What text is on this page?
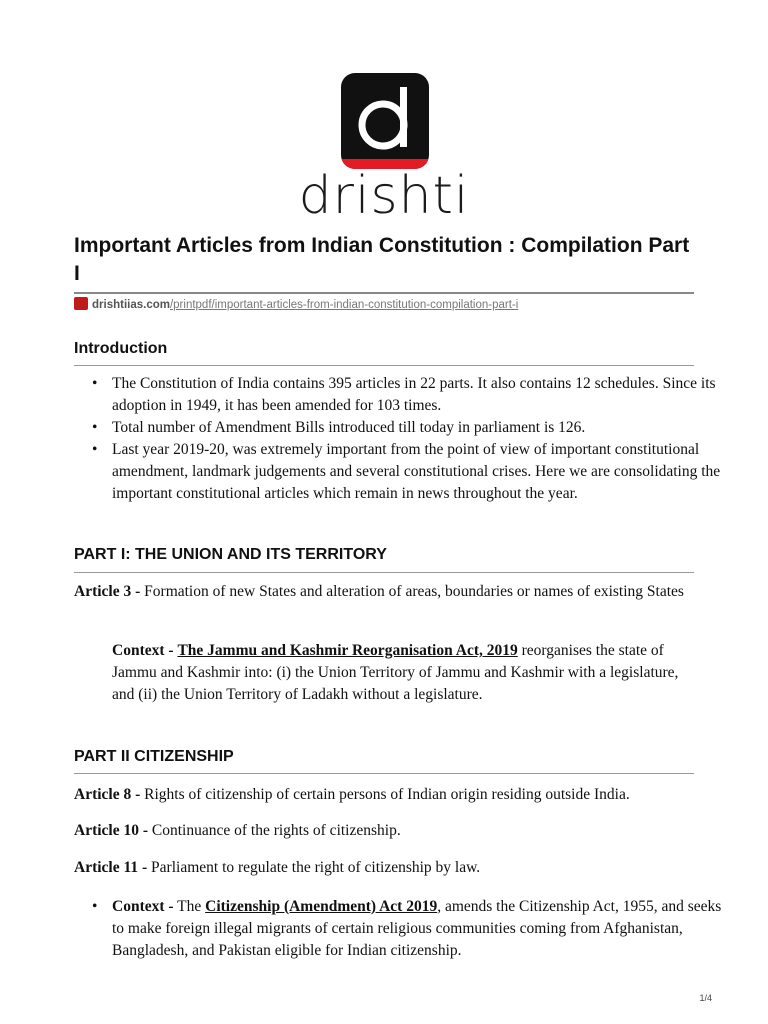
drishti
Important Articles from Indian Constitution : Compilation Part I
drishtiias.com/printpdf/important-articles-from-indian-constitution-compilation-part-i
Introduction
• The Constitution of India contains 395 articles in 22 parts. It also contains 12 schedules. Since its adoption in 1949, it has been amended for 103 times.
• Total number of Amendment Bills introduced till today in parliament is 126.
• Last year 2019-20, was extremely important from the point of view of important constitutional amendment, landmark judgements and several constitutional crises. Here we are consolidating the important constitutional articles which remain in news throughout the year.
PART I: THE UNION AND ITS TERRITORY
Article 3 - Formation of new States and alteration of areas, boundaries or names of existing States
Context - The Jammu and Kashmir Reorganisation Act, 2019 reorganises the state of Jammu and Kashmir into: (i) the Union Territory of Jammu and Kashmir with a legislature, and (ii) the Union Territory of Ladakh without a legislature.
PART II CITIZENSHIP
Article 8 - Rights of citizenship of certain persons of Indian origin residing outside India.
Article 10 - Continuance of the rights of citizenship.
Article 11 - Parliament to regulate the right of citizenship by law.
• Context - The Citizenship (Amendment) Act 2019, amends the Citizenship Act, 1955, and seeks to make foreign illegal migrants of certain religious communities coming from Afghanistan, Bangladesh, and Pakistan eligible for Indian citizenship.
1/4
